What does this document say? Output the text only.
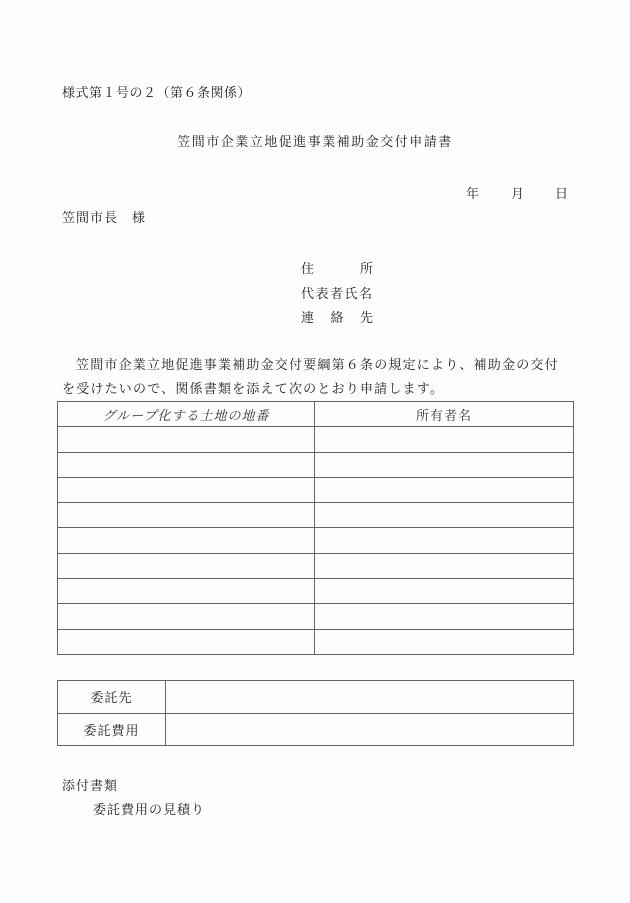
様式第１号の２（第６条関係）
笠間市企業立地促進事業補助金交付申請書
年 月 日
笠間市長 様
住	所
代表者氏名
連 絡 先

笠間市企業立地促進事業補助金交付要綱第６条の規定により、補助金の交付

を受けたいので、関係書類を添えて次のとおり申請します。

グループ化する土地の地番	所有者名

委託先	
委託費用	
添付書類
委託費用の見積り
